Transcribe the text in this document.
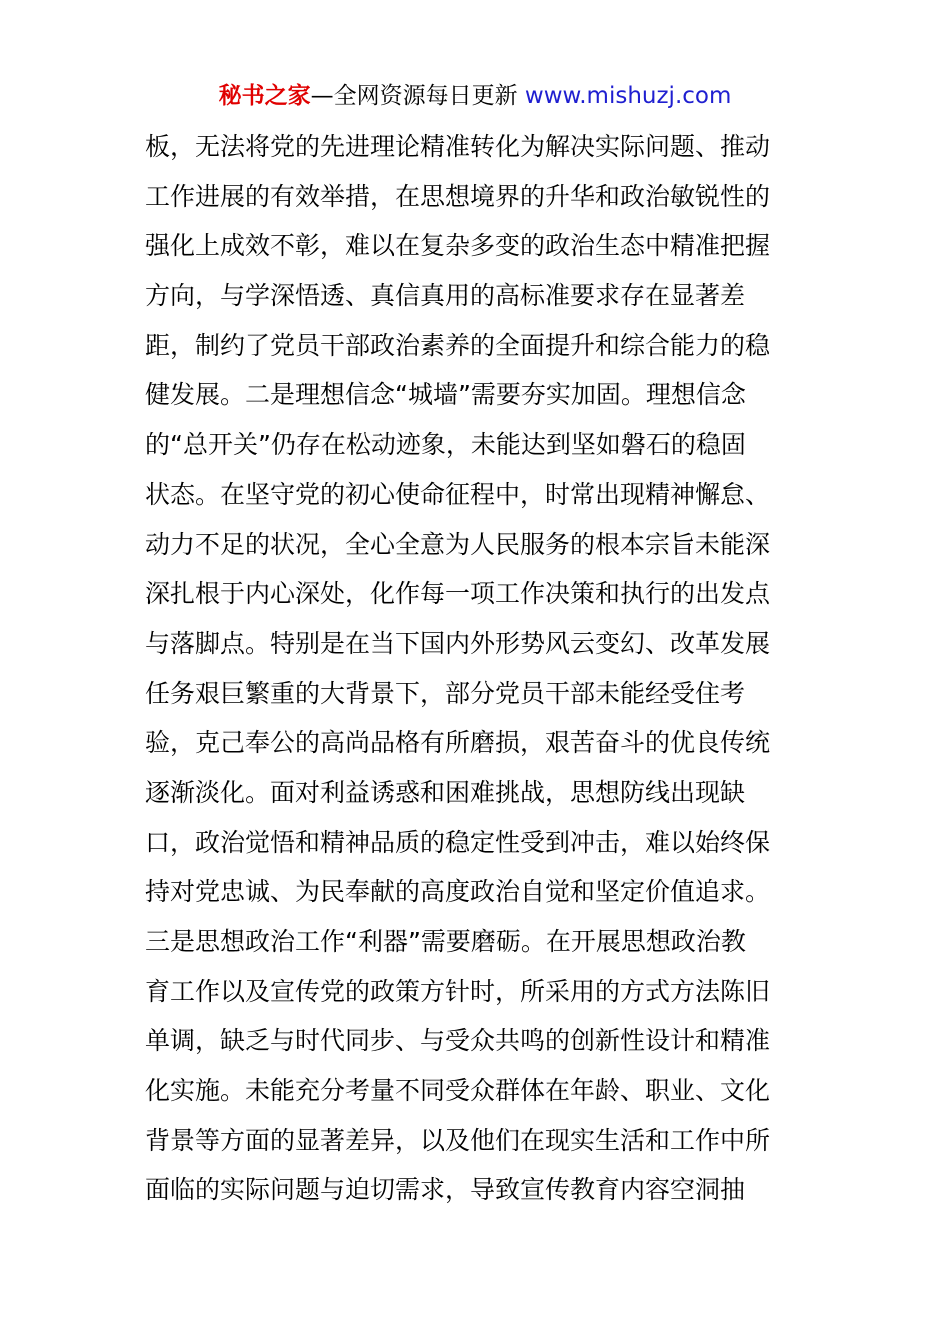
秘书之家—全网资源每日更新 www.mishuzj.com
板，无法将党的先进理论精准转化为解决实际问题、推动
工作进展的有效举措，在思想境界的升华和政治敏锐性的
强化上成效不彰，难以在复杂多变的政治生态中精准把握
方向，与学深悟透、真信真用的高标准要求存在显著差
距，制约了党员干部政治素养的全面提升和综合能力的稳
健发展。二是理想信念“城墙”需要夯实加固。理想信念
的“总开关”仍存在松动迹象，未能达到坚如磐石的稳固
状态。在坚守党的初心使命征程中，时常出现精神懈怠、
动力不足的状况，全心全意为人民服务的根本宗旨未能深
深扎根于内心深处，化作每一项工作决策和执行的出发点
与落脚点。特别是在当下国内外形势风云变幻、改革发展
任务艰巨繁重的大背景下，部分党员干部未能经受住考
验，克己奉公的高尚品格有所磨损，艰苦奋斗的优良传统
逐渐淡化。面对利益诱惑和困难挑战，思想防线出现缺
口，政治觉悟和精神品质的稳定性受到冲击，难以始终保
持对党忠诚、为民奉献的高度政治自觉和坚定价值追求。
三是思想政治工作“利器”需要磨砺。在开展思想政治教
育工作以及宣传党的政策方针时，所采用的方式方法陈旧
单调，缺乏与时代同步、与受众共鸣的创新性设计和精准
化实施。未能充分考量不同受众群体在年龄、职业、文化
背景等方面的显著差异，以及他们在现实生活和工作中所
面临的实际问题与迫切需求，导致宣传教育内容空洞抽
